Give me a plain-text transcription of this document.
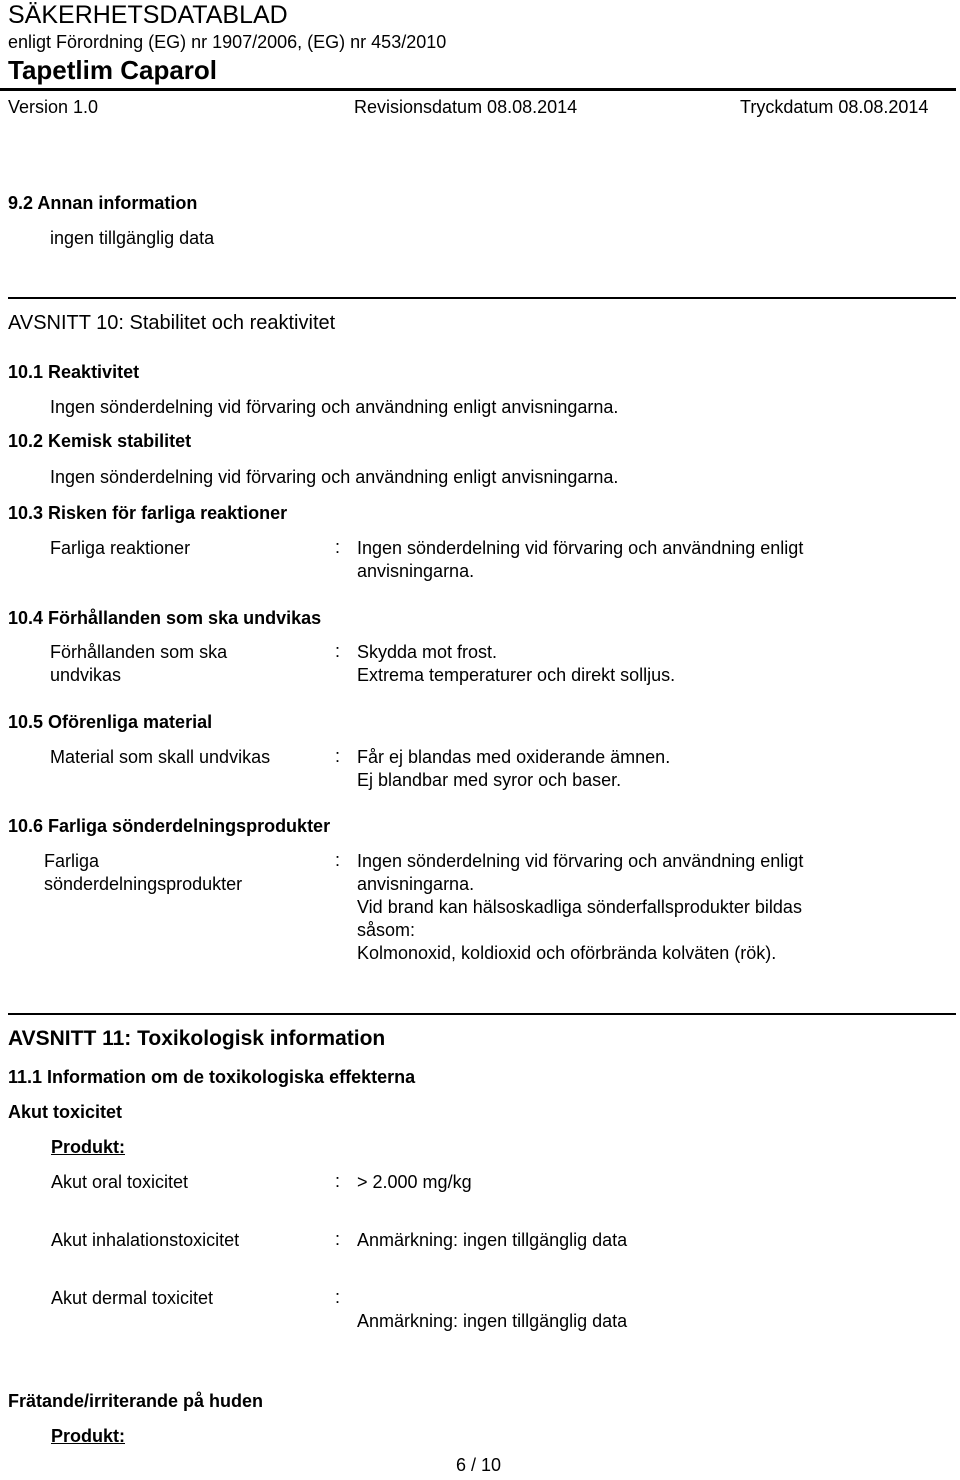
SÄKERHETSDATABLAD
enligt Förordning (EG) nr 1907/2006, (EG) nr 453/2010
Tapetlim Caparol
Version 1.0	Revisionsdatum 08.08.2014	Tryckdatum 08.08.2014
9.2 Annan information
ingen tillgänglig data
AVSNITT 10: Stabilitet och reaktivitet
10.1 Reaktivitet
Ingen sönderdelning vid förvaring och användning enligt anvisningarna.
10.2 Kemisk stabilitet
Ingen sönderdelning vid förvaring och användning enligt anvisningarna.
10.3 Risken för farliga reaktioner
Farliga reaktioner	: Ingen sönderdelning vid förvaring och användning enligt
anvisningarna.
10.4 Förhållanden som ska undvikas
Förhållanden som ska
undvikas
: Skydda mot frost.
Extrema temperaturer och direkt solljus.
10.5 Oförenliga material
Material som skall undvikas	: Får ej blandas med oxiderande ämnen.
Ej blandbar med syror och baser.
10.6 Farliga sönderdelningsprodukter
Farliga
sönderdelningsprodukter
: Ingen sönderdelning vid förvaring och användning enligt
anvisningarna.
Vid brand kan hälsoskadliga sönderfallsprodukter bildas
såsom:
Kolmonoxid, koldioxid och oförbrända kolväten (rök).
AVSNITT 11: Toxikologisk information
11.1 Information om de toxikologiska effekterna
Akut toxicitet
Produkt:
Akut oral toxicitet	: > 2.000 mg/kg
Akut inhalationstoxicitet	: Anmärkning: ingen tillgänglig data
Akut dermal toxicitet	:
Anmärkning: ingen tillgänglig data
Frätande/irriterande på huden
Produkt:
6 / 10
